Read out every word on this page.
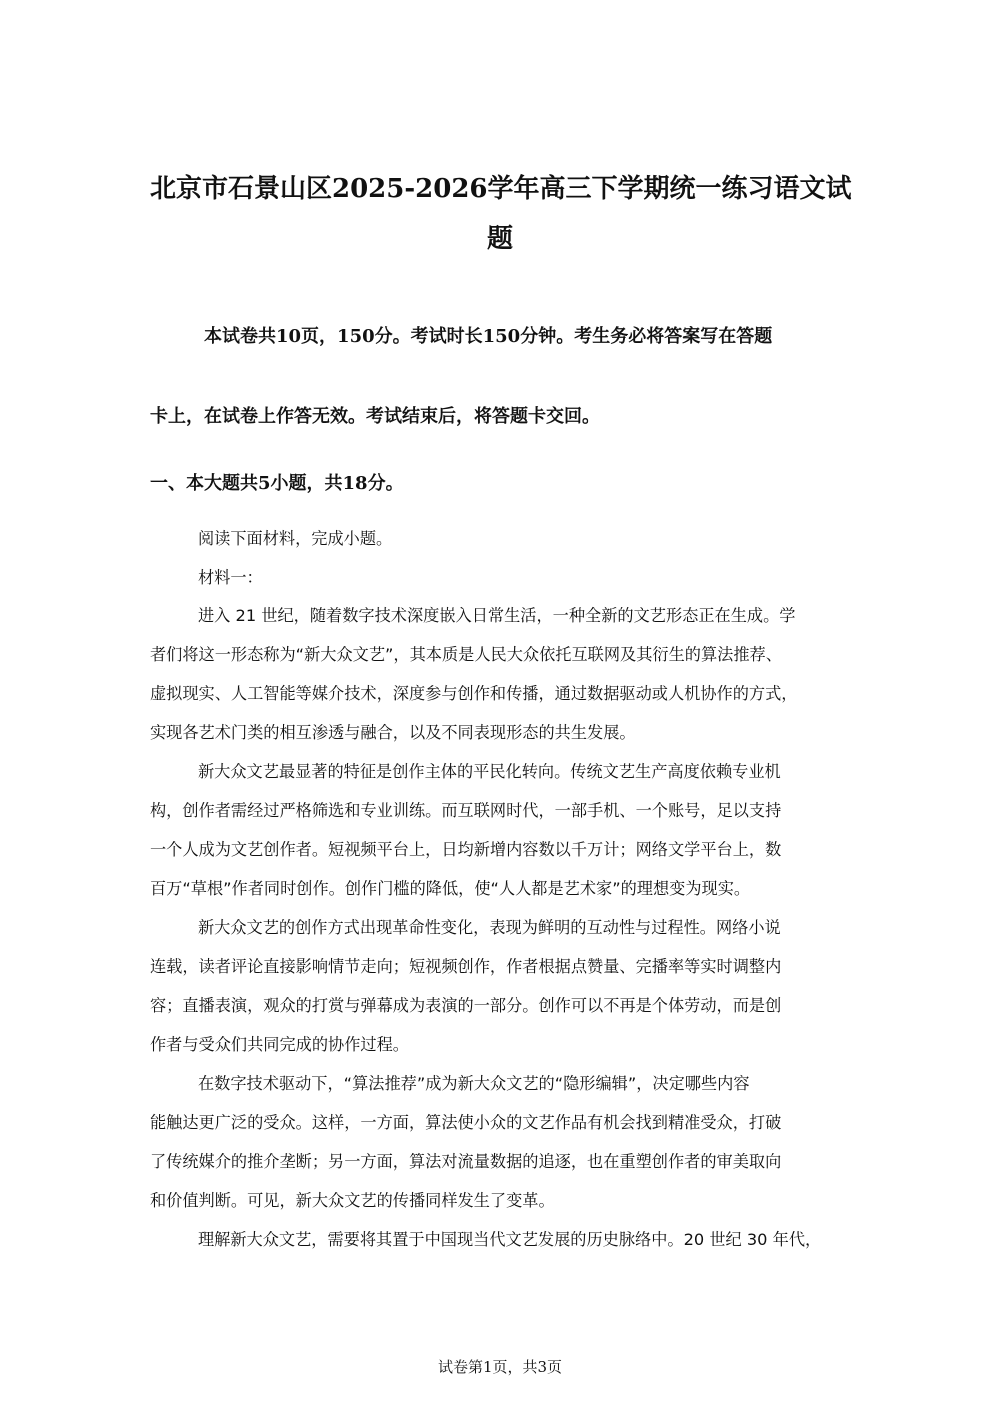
北京市石景山区2025-2026学年高三下学期统一练习语文试
题
本试卷共10页，150分。考试时长150分钟。考生务必将答案写在答题
卡上，在试卷上作答无效。考试结束后，将答题卡交回。
一、本大题共5小题，共18分。
阅读下面材料，完成小题。
材料一：
进入 21 世纪，随着数字技术深度嵌入日常生活，一种全新的文艺形态正在生成。学
者们将这一形态称为“新大众文艺”，其本质是人民大众依托互联网及其衍生的算法推荐、
虚拟现实、人工智能等媒介技术，深度参与创作和传播，通过数据驱动或人机协作的方式，
实现各艺术门类的相互渗透与融合，以及不同表现形态的共生发展。
新大众文艺最显著的特征是创作主体的平民化转向。传统文艺生产高度依赖专业机
构，创作者需经过严格筛选和专业训练。而互联网时代，一部手机、一个账号，足以支持
一个人成为文艺创作者。短视频平台上，日均新增内容数以千万计；网络文学平台上，数
百万“草根”作者同时创作。创作门槛的降低，使“人人都是艺术家”的理想变为现实。
新大众文艺的创作方式出现革命性变化，表现为鲜明的互动性与过程性。网络小说
连载，读者评论直接影响情节走向；短视频创作，作者根据点赞量、完播率等实时调整内
容；直播表演，观众的打赏与弹幕成为表演的一部分。创作可以不再是个体劳动，而是创
作者与受众们共同完成的协作过程。
在数字技术驱动下，“算法推荐”成为新大众文艺的“隐形编辑”，决定哪些内容
能触达更广泛的受众。这样，一方面，算法使小众的文艺作品有机会找到精准受众，打破
了传统媒介的推介垄断；另一方面，算法对流量数据的追逐，也在重塑创作者的审美取向
和价值判断。可见，新大众文艺的传播同样发生了变革。
理解新大众文艺，需要将其置于中国现当代文艺发展的历史脉络中。20 世纪 30 年代，
试卷第1页，共3页
